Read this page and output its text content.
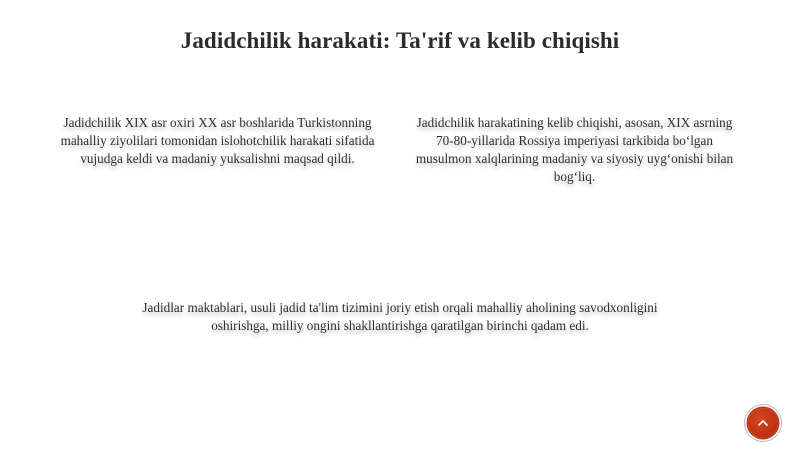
Jadidchilik harakati: Ta'rif va kelib chiqishi
Jadidchilik XIX asr oxiri XX asr boshlarida Turkistonning mahalliy ziyolilari tomonidan islohotchilik harakati sifatida vujudga keldi va madaniy yuksalishni maqsad qildi.
Jadidchilik harakatining kelib chiqishi, asosan, XIX asrning 70-80-yillarida Rossiya imperiyasi tarkibida bo‘lgan musulmon xalqlarining madaniy va siyosiy uyg‘onishi bilan bog‘liq.
Jadidlar maktablari, usuli jadid ta'lim tizimini joriy etish orqali mahalliy aholining savodxonligini oshirishga, milliy ongini shakllantirishga qaratilgan birinchi qadam edi.
